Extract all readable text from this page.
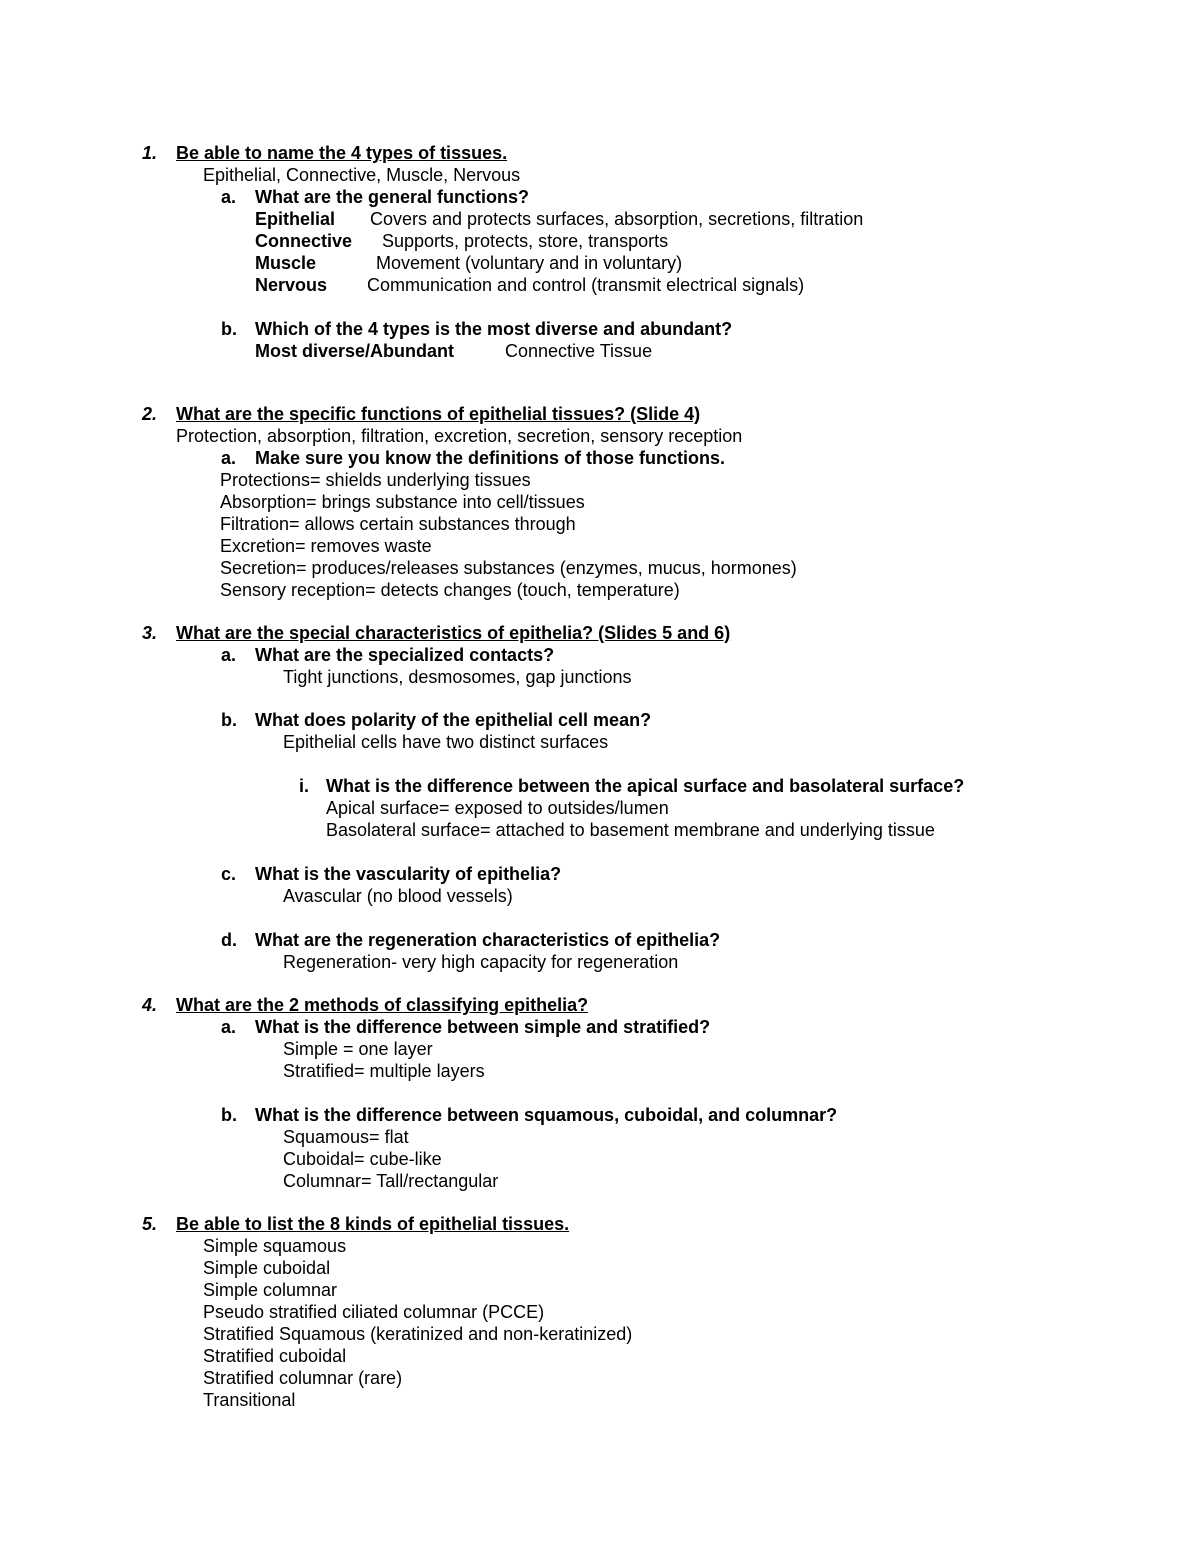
1. Be able to name the 4 types of tissues.
Epithelial, Connective, Muscle, Nervous
a. What are the general functions?
Epithelial Covers and protects surfaces, absorption, secretions, filtration
Connective Supports, protects, store, transports
Muscle	Movement (voluntary and in voluntary)
Nervous Communication and control (transmit electrical signals)
b. Which of the 4 types is the most diverse and abundant?
Most diverse/Abundant	Connective Tissue
2. What are the specific functions of epithelial tissues? (Slide 4)
Protection, absorption, filtration, excretion, secretion, sensory reception
a. Make sure you know the definitions of those functions.
Protections= shields underlying tissues
Absorption= brings substance into cell/tissues
Filtration= allows certain substances through
Excretion= removes waste
Secretion= produces/releases substances (enzymes, mucus, hormones)
Sensory reception= detects changes (touch, temperature)
3. What are the special characteristics of epithelia? (Slides 5 and 6)
a. What are the specialized contacts?
Tight junctions, desmosomes, gap junctions
b. What does polarity of the epithelial cell mean?
Epithelial cells have two distinct surfaces
i. What is the difference between the apical surface and basolateral surface?
Apical surface= exposed to outsides/lumen
Basolateral surface= attached to basement membrane and underlying tissue
c. What is the vascularity of epithelia?
Avascular (no blood vessels)
d. What are the regeneration characteristics of epithelia?
Regeneration- very high capacity for regeneration
4. What are the 2 methods of classifying epithelia?
a. What is the difference between simple and stratified?
Simple = one layer
Stratified= multiple layers
b. What is the difference between squamous, cuboidal, and columnar?
Squamous= flat
Cuboidal= cube-like
Columnar= Tall/rectangular
5. Be able to list the 8 kinds of epithelial tissues.
Simple squamous
Simple cuboidal
Simple columnar
Pseudo stratified ciliated columnar (PCCE)
Stratified Squamous (keratinized and non-keratinized)
Stratified cuboidal
Stratified columnar (rare)
Transitional
